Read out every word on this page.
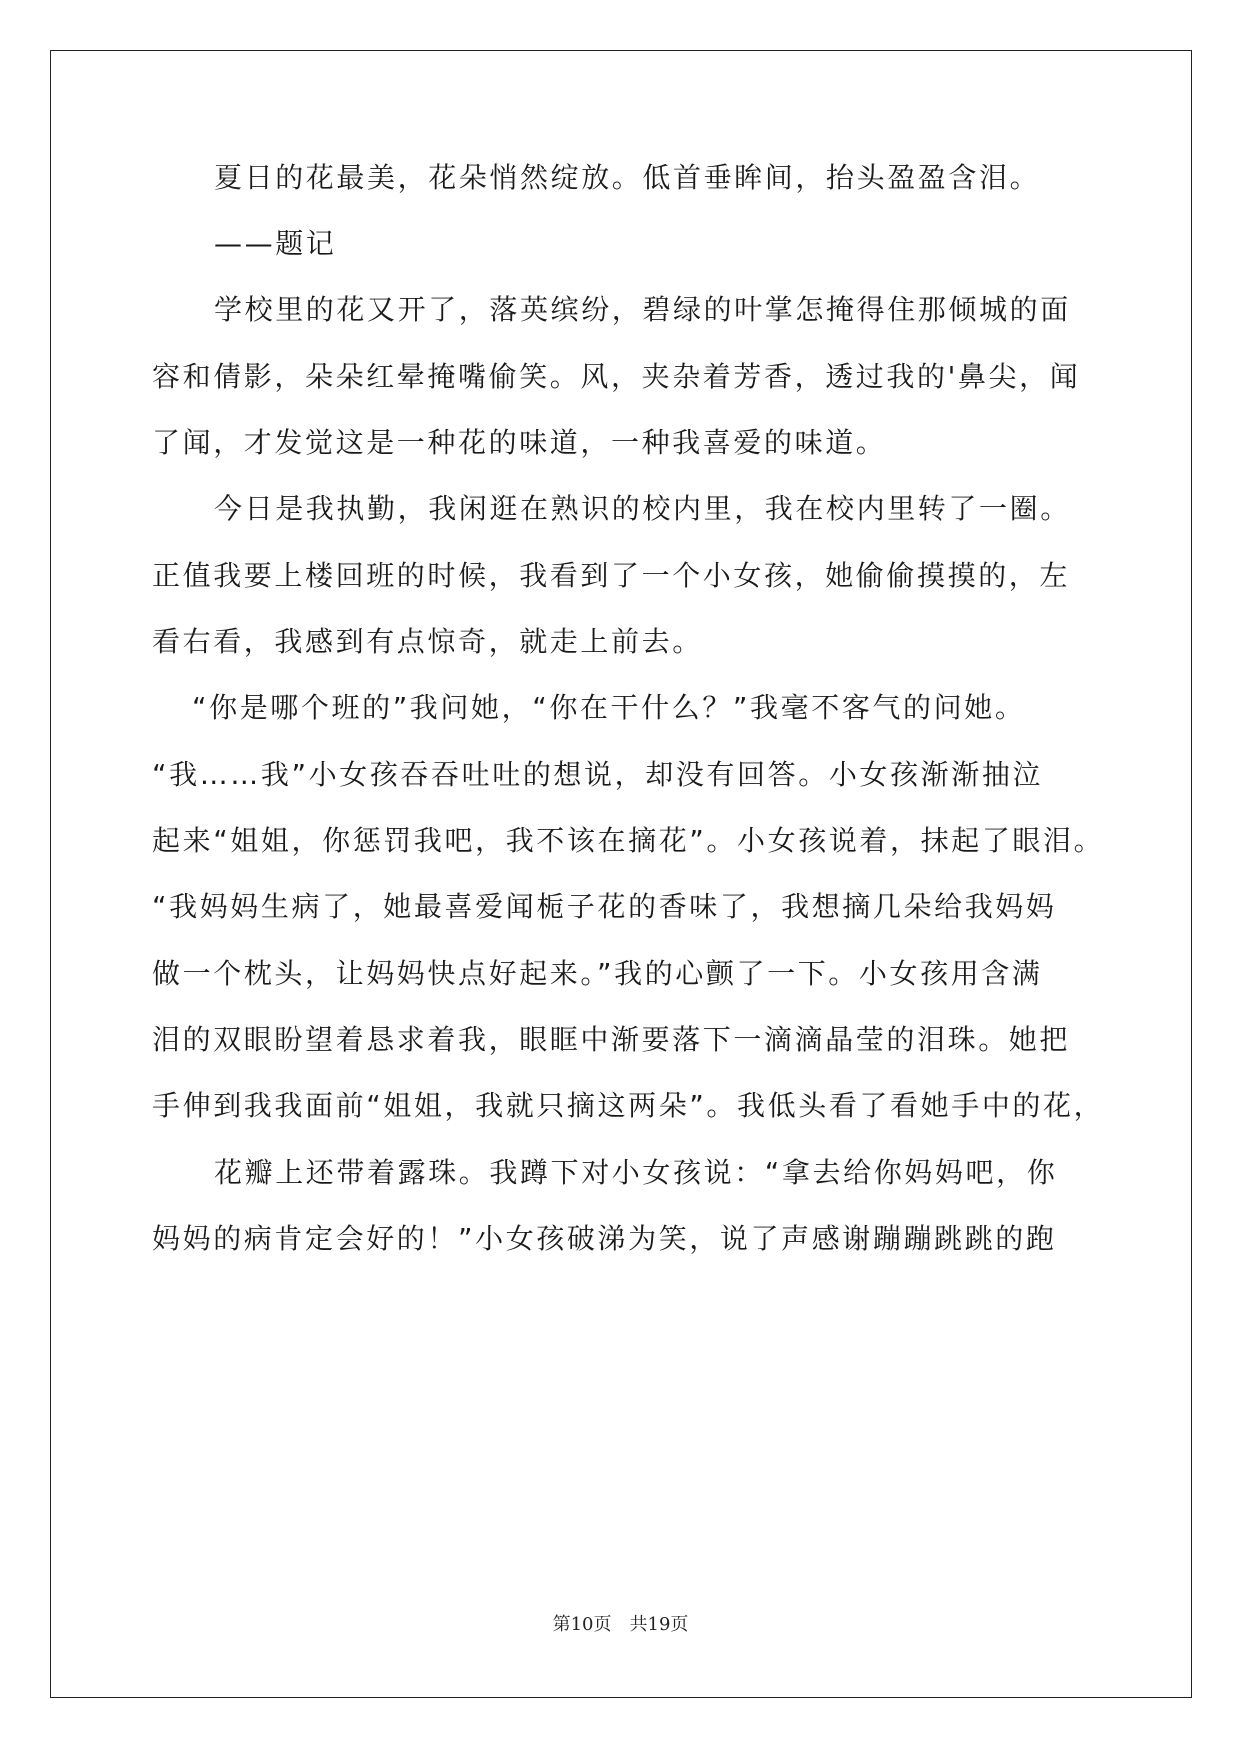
夏日的花最美，花朵悄然绽放。低首垂眸间，抬头盈盈含泪。
——题记
学校里的花又开了，落英缤纷，碧绿的叶掌怎掩得住那倾城的面
容和倩影，朵朵红晕掩嘴偷笑。风，夹杂着芳香，透过我的'鼻尖，闻
了闻，才发觉这是一种花的味道，一种我喜爱的味道。
今日是我执勤，我闲逛在熟识的校内里，我在校内里转了一圈。
正值我要上楼回班的时候，我看到了一个小女孩，她偷偷摸摸的，左
看右看，我感到有点惊奇，就走上前去。
“你是哪个班的”我问她，“你在干什么？”我毫不客气的问她。
“我……我”小女孩吞吞吐吐的想说，却没有回答。小女孩渐渐抽泣
起来“姐姐，你惩罚我吧，我不该在摘花”。小女孩说着，抹起了眼泪。
“我妈妈生病了，她最喜爱闻栀子花的香味了，我想摘几朵给我妈妈
做一个枕头，让妈妈快点好起来。”我的心颤了一下。小女孩用含满
泪的双眼盼望着恳求着我，眼眶中渐要落下一滴滴晶莹的泪珠。她把
手伸到我我面前“姐姐，我就只摘这两朵”。我低头看了看她手中的花，
花瓣上还带着露珠。我蹲下对小女孩说：“拿去给你妈妈吧，你
妈妈的病肯定会好的！”小女孩破涕为笑，说了声感谢蹦蹦跳跳的跑
第10页 共19页
